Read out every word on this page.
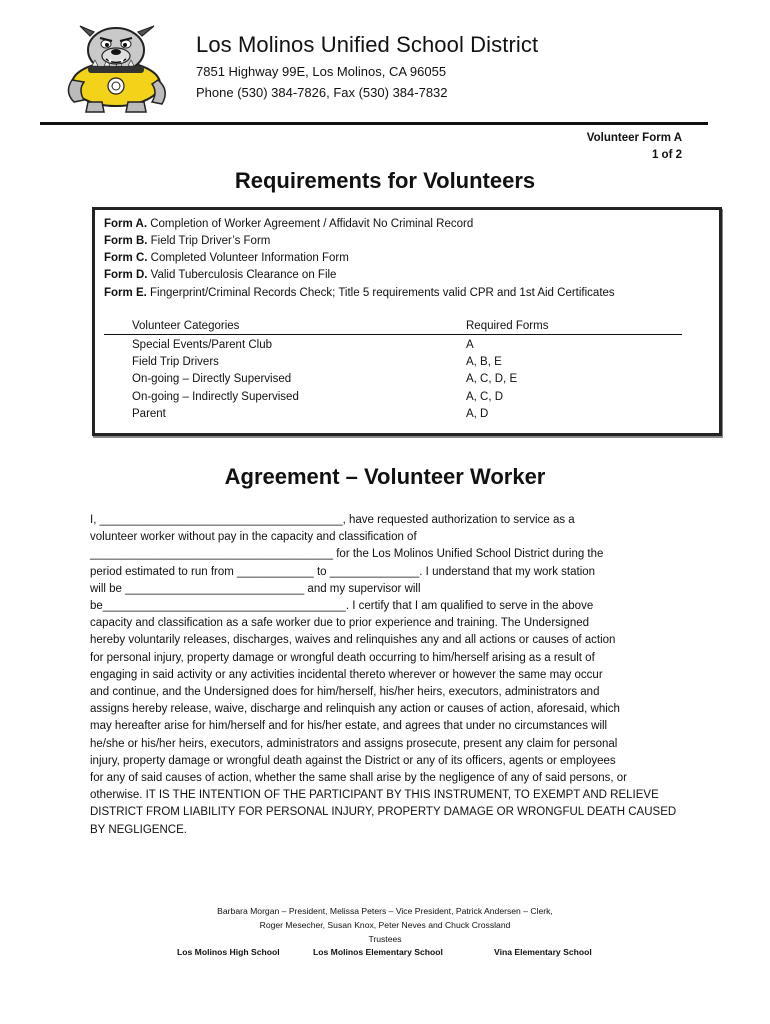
Los Molinos Unified School District
7851 Highway 99E, Los Molinos, CA 96055
Phone (530) 384-7826, Fax (530) 384-7832
Volunteer Form A
1 of 2
Requirements for Volunteers
Form A. Completion of Worker Agreement / Affidavit No Criminal Record
Form B. Field Trip Driver’s Form
Form C. Completed Volunteer Information Form
Form D. Valid Tuberculosis Clearance on File
Form E. Fingerprint/Criminal Records Check; Title 5 requirements valid CPR and 1st Aid Certificates
Volunteer Categories	Required Forms
Special Events/Parent Club	A
Field Trip Drivers	A, B, E
On-going – Directly Supervised	A, C, D, E
On-going – Indirectly Supervised	A, C, D
Parent	A, D
Agreement – Volunteer Worker

I, ______________________________________, have requested authorization to service as a

volunteer worker without pay in the capacity and classification of

______________________________________ for the Los Molinos Unified School District during the

period estimated to run from ____________ to ______________. I understand that my work station

will be ____________________________ and my supervisor will

be______________________________________. I certify that I am qualified to serve in the above

capacity and classification as a safe worker due to prior experience and training. The Undersigned

hereby voluntarily releases, discharges, waives and relinquishes any and all actions or causes of action

for personal injury, property damage or wrongful death occurring to him/herself arising as a result of

engaging in said activity or any activities incidental thereto wherever or however the same may occur

and continue, and the Undersigned does for him/herself, his/her heirs, executors, administrators and

assigns hereby release, waive, discharge and relinquish any action or causes of action, aforesaid, which

may hereafter arise for him/herself and for his/her estate, and agrees that under no circumstances will

he/she or his/her heirs, executors, administrators and assigns prosecute, present any claim for personal

injury, property damage or wrongful death against the District or any of its officers, agents or employees

for any of said causes of action, whether the same shall arise by the negligence of any of said persons, or

otherwise. IT IS THE INTENTION OF THE PARTICIPANT BY THIS INSTRUMENT, TO EXEMPT AND RELIEVE

DISTRICT FROM LIABILITY FOR PERSONAL INJURY, PROPERTY DAMAGE OR WRONGFUL DEATH CAUSED

BY NEGLIGENCE.

Barbara Morgan – President, Melissa Peters – Vice President, Patrick Andersen – Clerk,
Roger Mesecher, Susan Knox, Peter Neves and Chuck Crossland
Trustees
Los Molinos High School	Los Molinos Elementary School	Vina Elementary School
